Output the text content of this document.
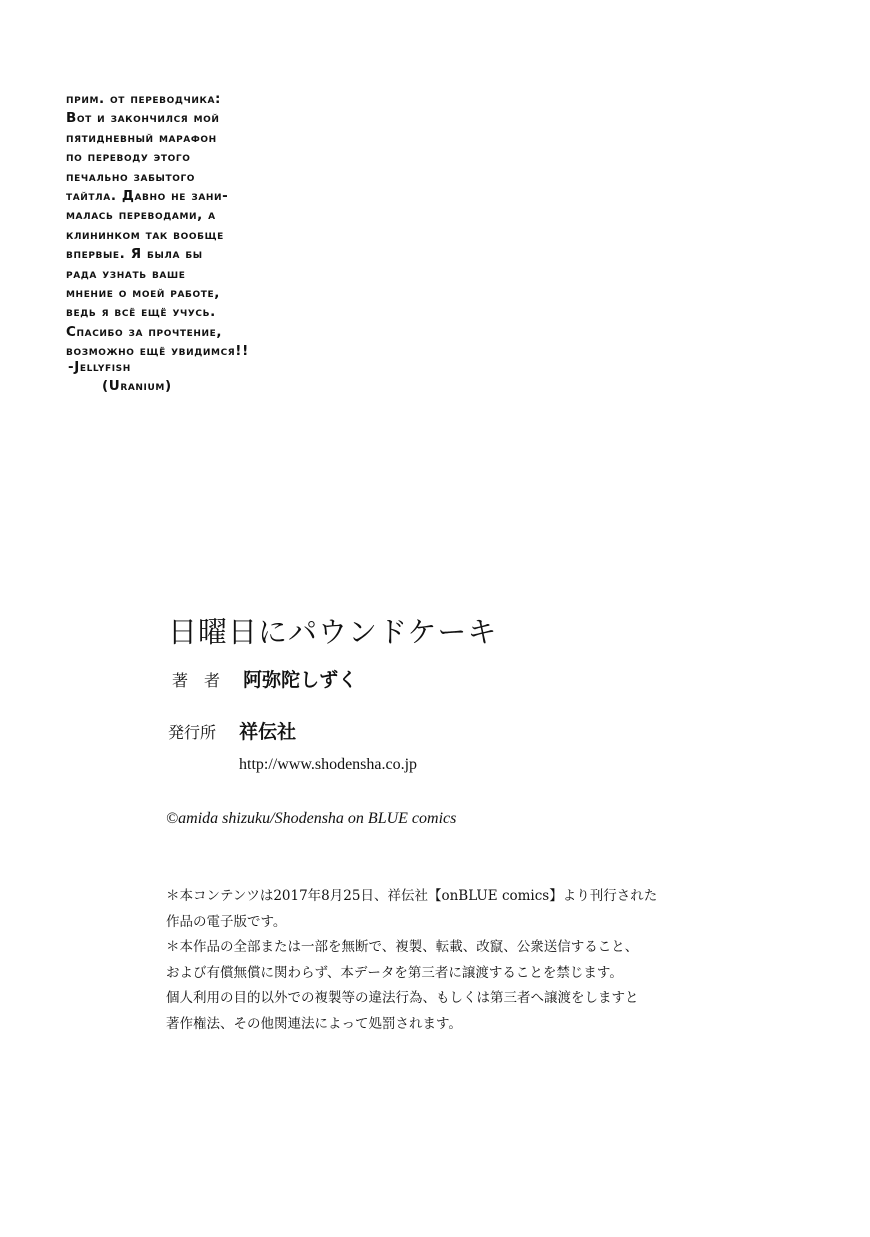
прим. от переводчика:
Вот и закончился мой
пятидневный марафон
по переводу этого
печально забытого
тайтла. Давно не зани-
малась переводами, а
клининком так вообще
впервые. Я была бы
рада узнать ваше
мнение о моей работе,
ведь я всё ещё учусь.
Спасибо за прочтение,
возможно ещё увидимся!!
-Jellyfish
(Uranium)
日曜日にパウンドケーキ
著者 阿弥陀しずく
発行所 祥伝社
http://www.shodensha.co.jp
©amida shizuku/Shodensha on BLUE comics
＊本コンテンツは2017年8月25日、祥伝社【onBLUE comics】より刊行された
作品の電子版です。
＊本作品の全部または一部を無断で、複製、転載、改竄、公衆送信すること、
および有償無償に関わらず、本データを第三者に譲渡することを禁じます。
個人利用の目的以外での複製等の違法行為、もしくは第三者へ譲渡をしますと
著作権法、その他関連法によって処罰されます。
